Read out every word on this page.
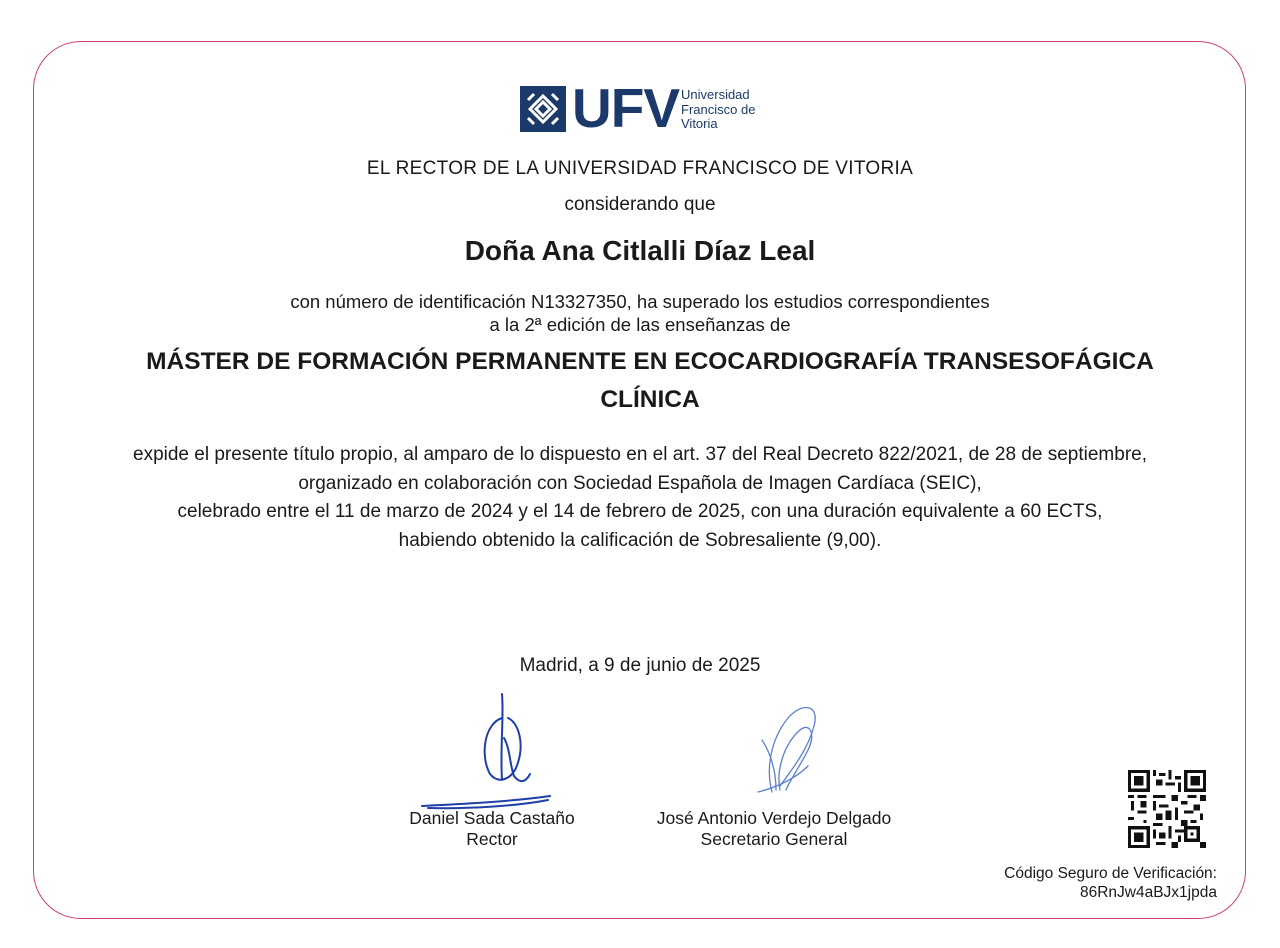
UFV Universidad
Francisco de
Vitoria
EL RECTOR DE LA UNIVERSIDAD FRANCISCO DE VITORIA
considerando que
Doña Ana Citlalli Díaz Leal
con número de identificación N13327350, ha superado los estudios correspondientes
a la 2ª edición de las enseñanzas de
MÁSTER DE FORMACIÓN PERMANENTE EN ECOCARDIOGRAFÍA TRANSESOFÁGICA
CLÍNICA
expide el presente título propio, al amparo de lo dispuesto en el art. 37 del Real Decreto 822/2021, de 28 de septiembre,
organizado en colaboración con Sociedad Española de Imagen Cardíaca (SEIC),
celebrado entre el 11 de marzo de 2024 y el 14 de febrero de 2025, con una duración equivalente a 60 ECTS,
habiendo obtenido la calificación de Sobresaliente (9,00).
Madrid, a 9 de junio de 2025
Daniel Sada Castaño
Rector
José Antonio Verdejo Delgado
Secretario General
Código Seguro de Verificación:
86RnJw4aBJx1jpda
